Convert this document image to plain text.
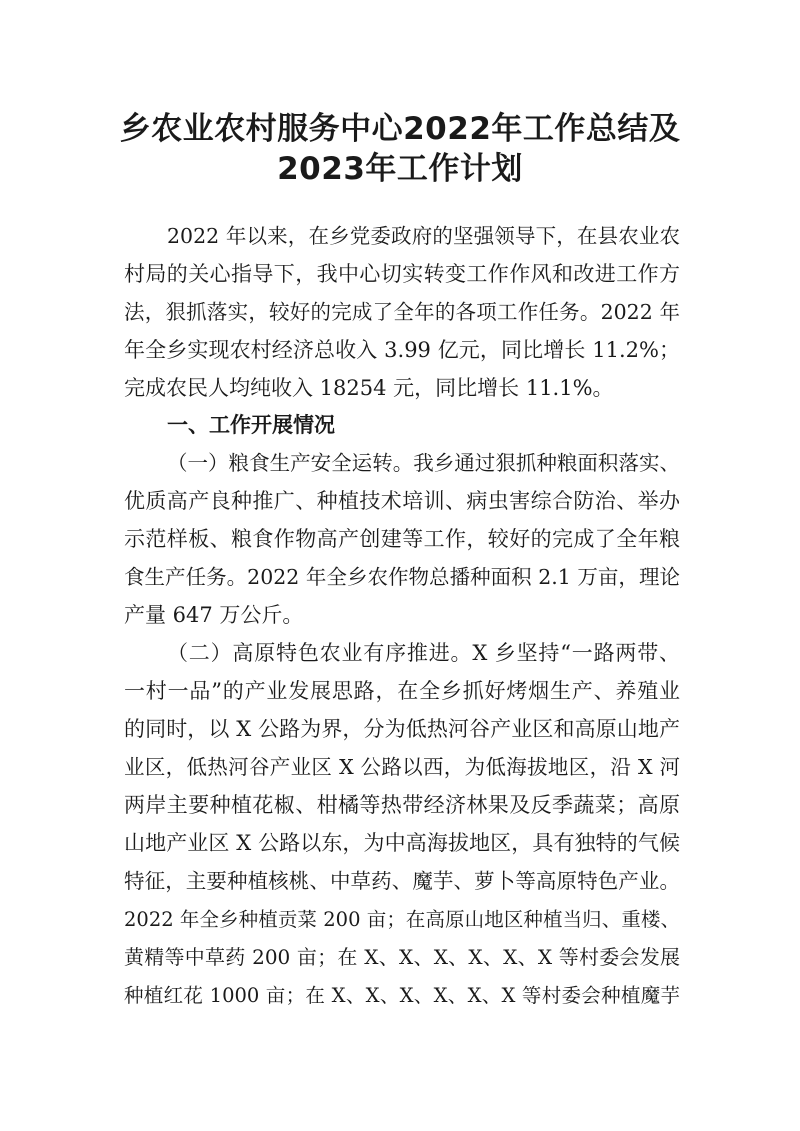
乡农业农村服务中心2022年工作总结及
2023年工作计划
2022 年以来，在乡党委政府的坚强领导下，在县农业农
村局的关心指导下，我中心切实转变工作作风和改进工作方
法，狠抓落实，较好的完成了全年的各项工作任务。2022 年
年全乡实现农村经济总收入 3.99 亿元，同比增长 11.2%；
完成农民人均纯收入 18254 元，同比增长 11.1%。
一、工作开展情况
（一）粮食生产安全运转。我乡通过狠抓种粮面积落实、
优质高产良种推广、种植技术培训、病虫害综合防治、举办
示范样板、粮食作物高产创建等工作，较好的完成了全年粮
食生产任务。2022 年全乡农作物总播种面积 2.1 万亩，理论
产量 647 万公斤。
（二）高原特色农业有序推进。X 乡坚持“一路两带、
一村一品”的产业发展思路，在全乡抓好烤烟生产、养殖业
的同时，以 X 公路为界，分为低热河谷产业区和高原山地产
业区，低热河谷产业区 X 公路以西，为低海拔地区，沿 X 河
两岸主要种植花椒、柑橘等热带经济林果及反季蔬菜；高原
山地产业区 X 公路以东，为中高海拔地区，具有独特的气候
特征，主要种植核桃、中草药、魔芋、萝卜等高原特色产业。
2022 年全乡种植贡菜 200 亩；在高原山地区种植当归、重楼、
黄精等中草药 200 亩；在 X、X、X、X、X、X 等村委会发展
种植红花 1000 亩；在 X、X、X、X、X、X 等村委会种植魔芋
